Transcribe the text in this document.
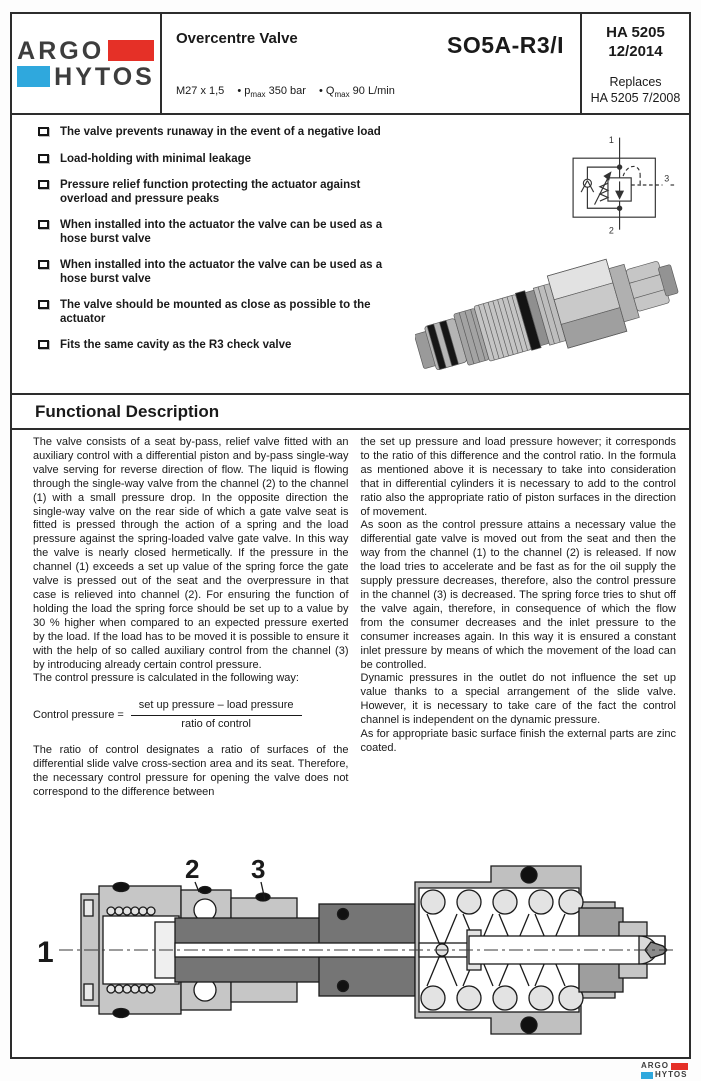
ARGO
HYTOS
Overcentre Valve	SO5A-R3/I
M27 x 1,5 • $p_{max}$ 350 bar • $Q_{max}$ 90 L/min
HA 5205
12/2014
Replaces
HA 5205 7/2008
The valve prevents runaway in the event of a negative load
Load-holding with minimal leakage
Pressure relief function protecting the actuator against overload and pressure peaks
When installed into the actuator the valve can be used as a hose burst valve
When installed into the actuator the valve can be used as a hose burst valve
The valve should be mounted as close as possible to the actuator
Fits the same cavity as the R3 check valve
1
3
2
Functional Description

The valve consists of a seat by-pass, relief valve fitted with an auxiliary control with a differential piston and by-pass single-way valve serving for reverse direction of flow. The liquid is flowing through the single-way valve from the channel (2) to the channel (1) with a small pressure drop. In the opposite direction the single-way valve on the rear side of which a gate valve seat is fitted is pressed through the action of a spring and the load pressure against the spring-loaded valve gate valve. In this way the valve is nearly closed hermetically. If the pressure in the channel (1) exceeds a set up value of the spring force the gate valve is pressed out of the seat and the overpressure in that case is relieved into channel (2). For ensuring the function of holding the load the spring force should be set up to a value by 30 % higher when compared to an expected pressure exerted by the load. If the load has to be moved it is possible to ensure it with the help of so called auxiliary control from the channel (3) by introducing already certain control pressure.

The control pressure is calculated in the following way:

Control pressure = $\frac{\text{set up pressure – load pressure}}{\text{ratio of control}}$

The ratio of control designates a ratio of surfaces of the differential slide valve cross-section area and its seat. Therefore, the necessary control pressure for opening the valve does not correspond to the difference between

the set up pressure and load pressure however; it corresponds to the ratio of this difference and the control ratio. In the formula as mentioned above it is necessary to take into consideration that in differential cylinders it is necessary to add to the control ratio also the appropriate ratio of piston surfaces in the direction of movement.

As soon as the control pressure attains a necessary value the differential gate valve is moved out from the seat and then the way from the channel (1) to the channel (2) is released. If now the load tries to accelerate and be fast as for the oil supply the supply pressure decreases, therefore, also the control pressure in the channel (3) is decreased. The spring force tries to shut off the valve again, therefore, in consequence of which the flow from the consumer decreases and the inlet pressure to the consumer increases again. In this way it is ensured a constant inlet pressure by means of which the movement of the load can be controlled.

Dynamic pressures in the outlet do not influence the set up value thanks to a special arrangement of the slide valve. However, it is necessary to take care of the fact the control channel is independent on the dynamic pressure.

As for appropriate basic surface finish the external parts are zinc coated.

1
2 3
ARGO
HYTOS
